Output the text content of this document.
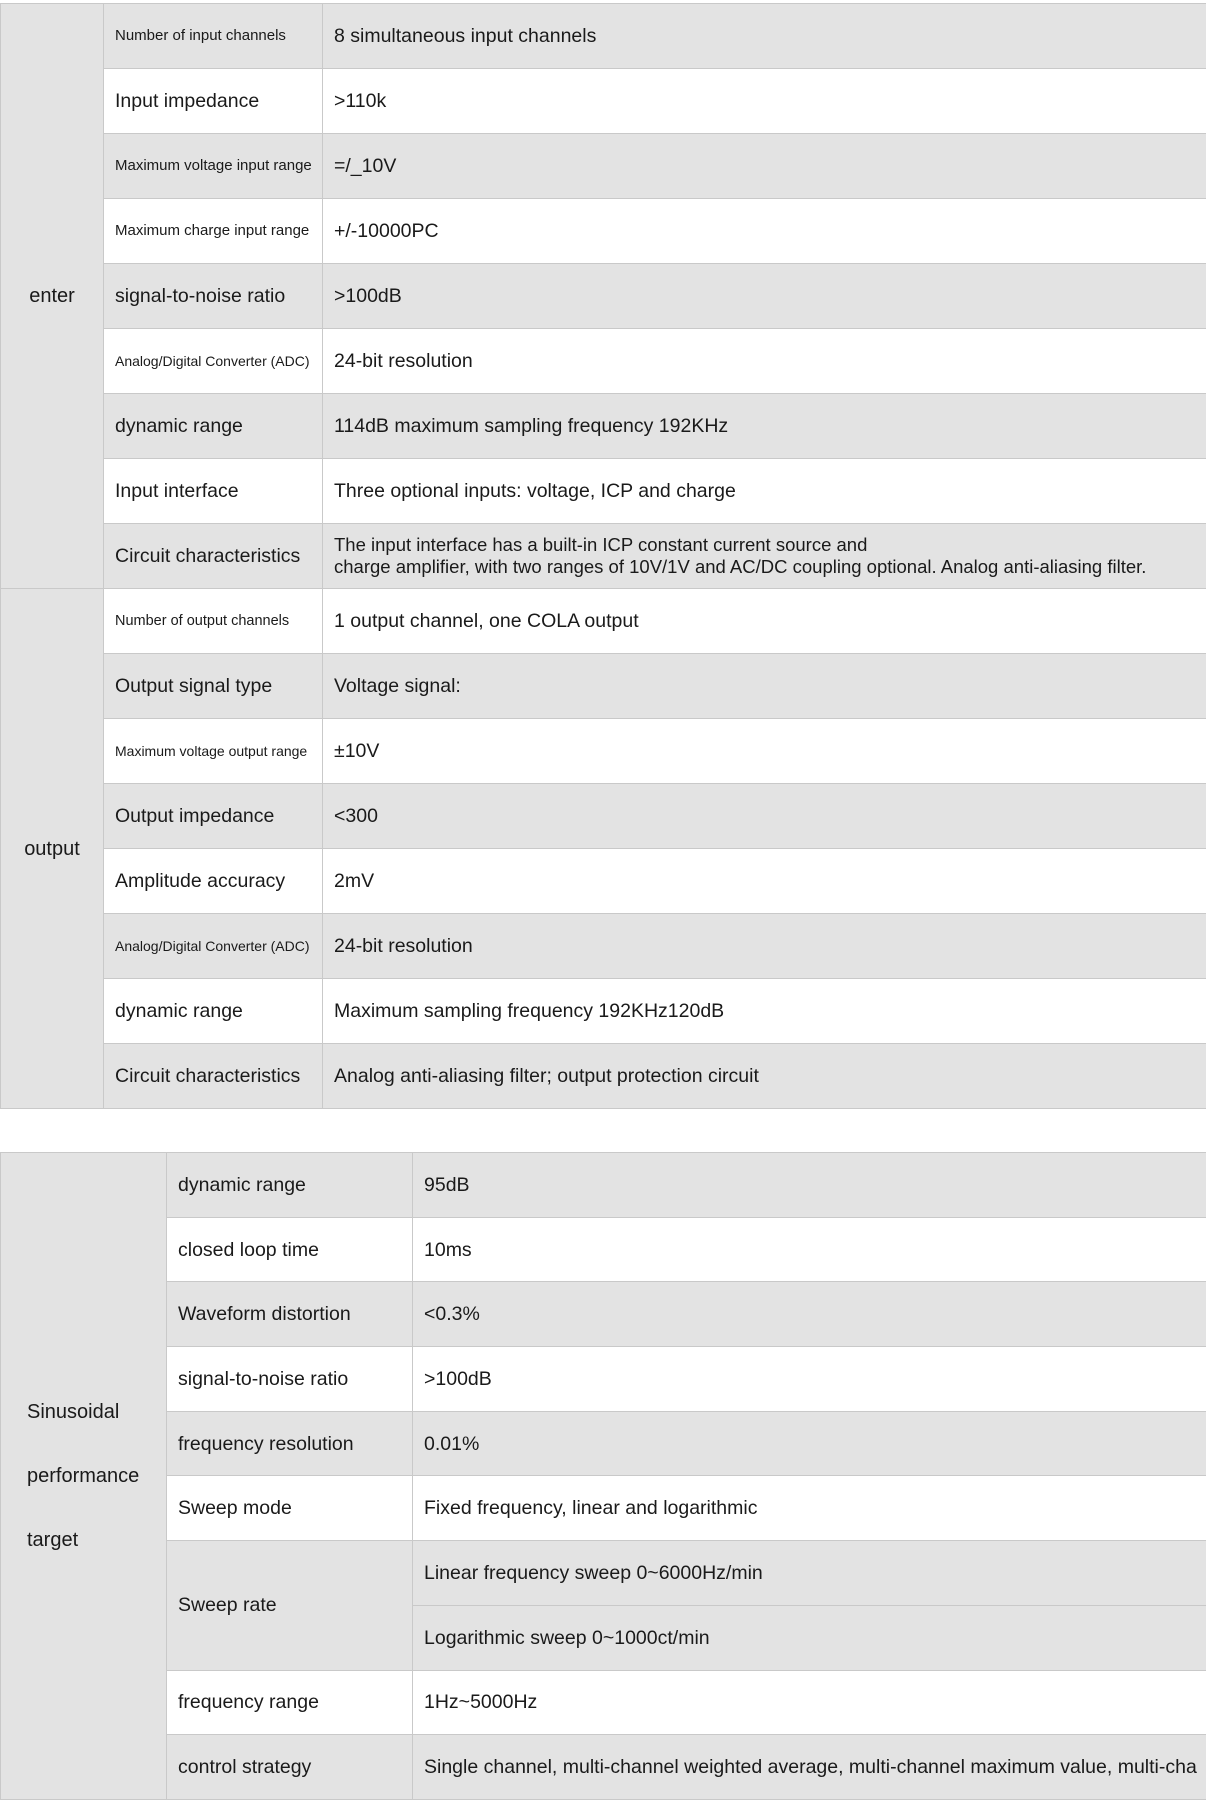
enter	Number of input channels	8 simultaneous input channels
	Input impedance	>110k
	Maximum voltage input range	=/_10V
	Maximum charge input range	+/-10000PC
	signal-to-noise ratio	>100dB
	Analog/Digital Converter (ADC)	24-bit resolution
	dynamic range	114dB maximum sampling frequency 192KHz
	Input interface	Three optional inputs: voltage, ICP and charge
	Circuit characteristics	The input interface has a built-in ICP constant current source and
charge amplifier, with two ranges of 10V/1V and AC/DC coupling optional. Analog anti-aliasing filter.

output	Number of output channels	1 output channel, one COLA output
	Output signal type	Voltage signal:
	Maximum voltage output range	±10V
	Output impedance	<300
	Amplitude accuracy	2mV
	Analog/Digital Converter (ADC)	24-bit resolution
	dynamic range	Maximum sampling frequency 192KHz120dB
	Circuit characteristics	Analog anti-aliasing filter; output protection circuit
Sinusoidal
performance
target	dynamic range	95dB
	closed loop time	10ms
	Waveform distortion	<0.3%
	signal-to-noise ratio	>100dB
	frequency resolution	0.01%
	Sweep mode	Fixed frequency, linear and logarithmic
	Sweep rate	Linear frequency sweep 0~6000Hz/min
		Logarithmic sweep 0~1000ct/min
	frequency range	1Hz~5000Hz
	control strategy	Single channel, multi-channel weighted average, multi-channel maximum value, multi-cha
